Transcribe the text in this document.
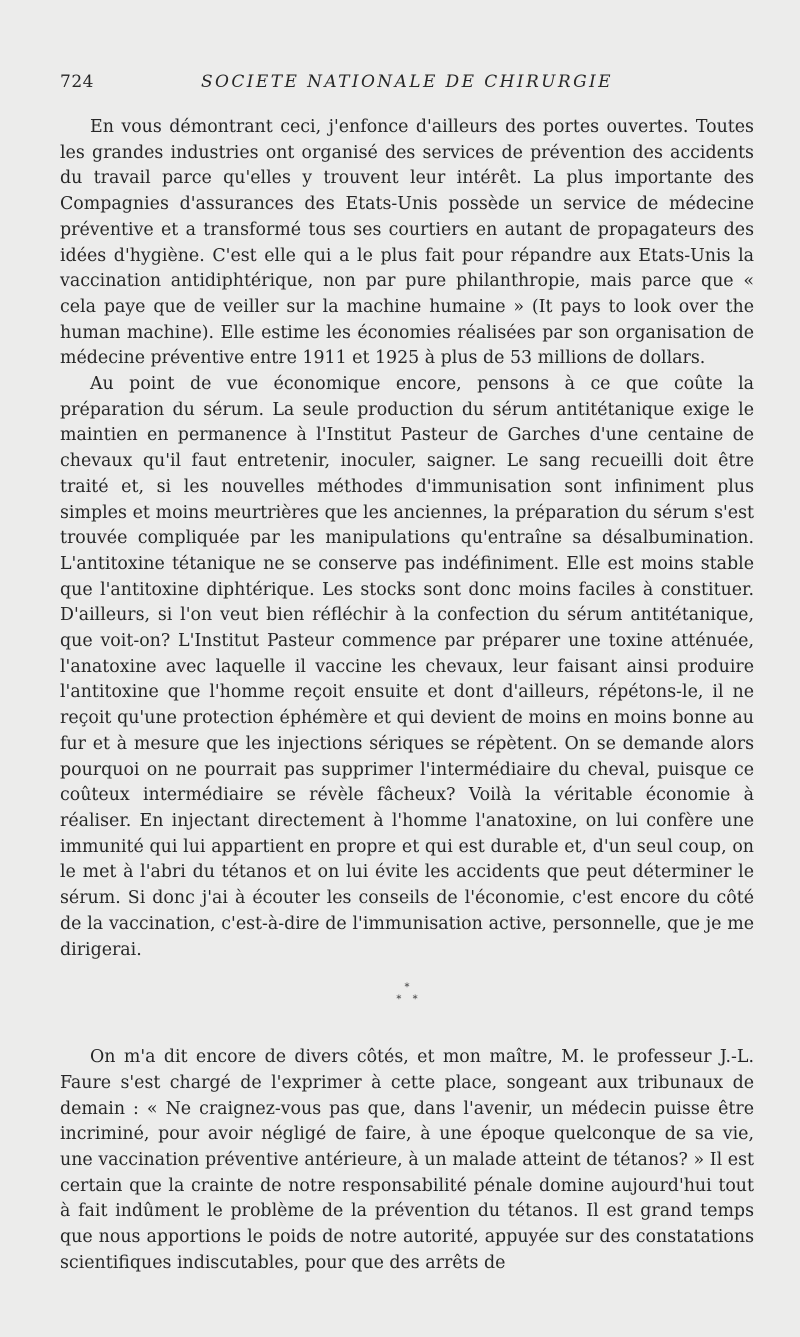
724	SOCIETE NATIONALE DE CHIRURGIE

En vous démontrant ceci, j'enfonce d'ailleurs des portes ouvertes. Toutes les grandes industries ont organisé des services de prévention des accidents du travail parce qu'elles y trouvent leur intérêt. La plus importante des Compagnies d'assurances des Etats-Unis possède un service de médecine préventive et a transformé tous ses courtiers en autant de propagateurs des idées d'hygiène. C'est elle qui a le plus fait pour répandre aux Etats-Unis la vaccination antidiphtérique, non par pure philanthropie, mais parce que « cela paye que de veiller sur la machine humaine » (It pays to look over the human machine). Elle estime les économies réalisées par son organisation de médecine préventive entre 1911 et 1925 à plus de 53 millions de dollars.

Au point de vue économique encore, pensons à ce que coûte la préparation du sérum. La seule production du sérum antitétanique exige le maintien en permanence à l'Institut Pasteur de Garches d'une centaine de chevaux qu'il faut entretenir, inoculer, saigner. Le sang recueilli doit être traité et, si les nouvelles méthodes d'immunisation sont infiniment plus simples et moins meurtrières que les anciennes, la préparation du sérum s'est trouvée compliquée par les manipulations qu'entraîne sa désalbumination. L'antitoxine tétanique ne se conserve pas indéfiniment. Elle est moins stable que l'antitoxine diphtérique. Les stocks sont donc moins faciles à constituer. D'ailleurs, si l'on veut bien réfléchir à la confection du sérum antitétanique, que voit-on? L'Institut Pasteur commence par préparer une toxine atténuée, l'anatoxine avec laquelle il vaccine les chevaux, leur faisant ainsi produire l'antitoxine que l'homme reçoit ensuite et dont d'ailleurs, répétons-le, il ne reçoit qu'une protection éphémère et qui devient de moins en moins bonne au fur et à mesure que les injections sériques se répètent. On se demande alors pourquoi on ne pourrait pas supprimer l'intermédiaire du cheval, puisque ce coûteux intermédiaire se révèle fâcheux? Voilà la véritable économie à réaliser. En injectant directement à l'homme l'anatoxine, on lui confère une immunité qui lui appartient en propre et qui est durable et, d'un seul coup, on le met à l'abri du tétanos et on lui évite les accidents que peut déterminer le sérum. Si donc j'ai à écouter les conseils de l'économie, c'est encore du côté de la vaccination, c'est-à-dire de l'immunisation active, personnelle, que je me dirigerai.

*
* *

On m'a dit encore de divers côtés, et mon maître, M. le professeur J.-L. Faure s'est chargé de l'exprimer à cette place, songeant aux tribunaux de demain : « Ne craignez-vous pas que, dans l'avenir, un médecin puisse être incriminé, pour avoir négligé de faire, à une époque quelconque de sa vie, une vaccination préventive antérieure, à un malade atteint de tétanos? » Il est certain que la crainte de notre responsabilité pénale domine aujourd'hui tout à fait indûment le problème de la prévention du tétanos. Il est grand temps que nous apportions le poids de notre autorité, appuyée sur des constatations scientifiques indiscutables, pour que des arrêts de
